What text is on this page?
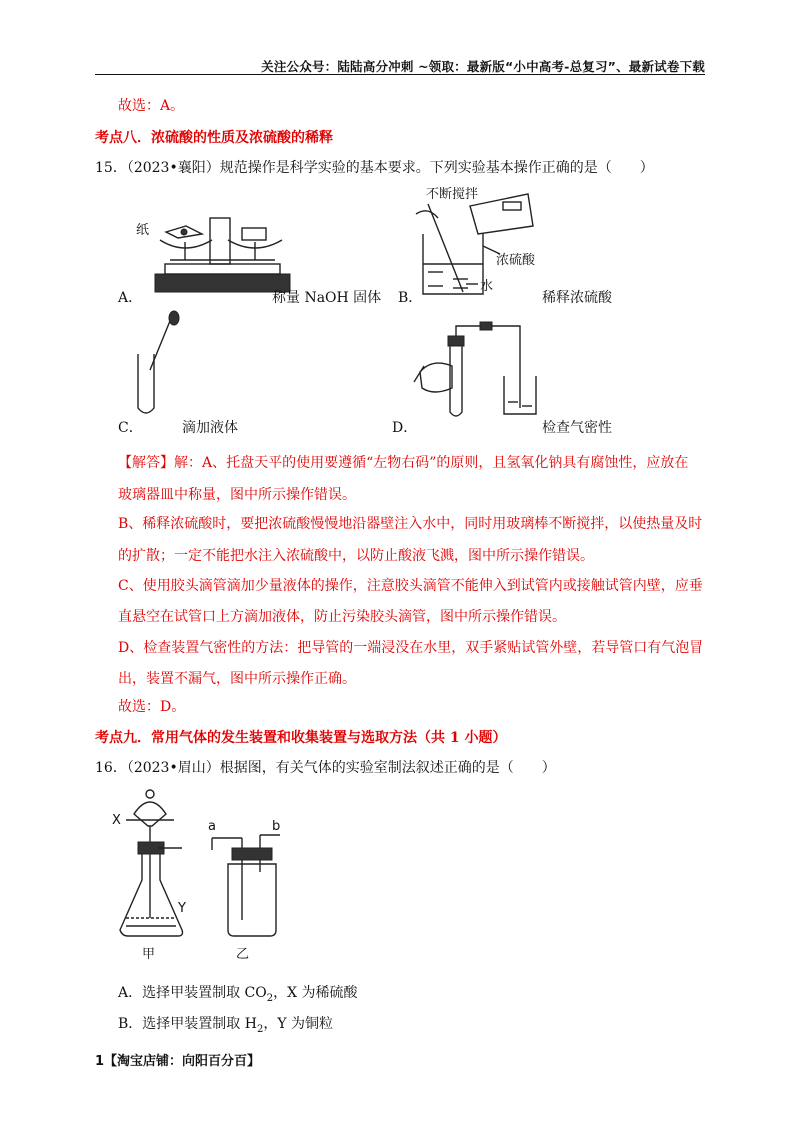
关注公众号：陆陆高分冲刺 ~领取：最新版“小中高考-总复习”、最新试卷下载
故选：A。
考点八．浓硫酸的性质及浓硫酸的稀释
15．（2023•襄阳）规范操作是科学实验的基本要求。下列实验基本操作正确的是（　　）
纸
A．	称量 NaOH 固体
不断搅拌
浓硫酸
水
B．	稀释浓硫酸
C．	滴加液体	D．	检查气密性
【解答】解：A、托盘天平的使用要遵循“左物右码”的原则，且氢氧化钠具有腐蚀性，应放在
玻璃器皿中称量，图中所示操作错误。
B、稀释浓硫酸时，要把浓硫酸慢慢地沿器壁注入水中，同时用玻璃棒不断搅拌，以使热量及时
的扩散；一定不能把水注入浓硫酸中，以防止酸液飞溅，图中所示操作错误。
C、使用胶头滴管滴加少量液体的操作，注意胶头滴管不能伸入到试管内或接触试管内壁，应垂
直悬空在试管口上方滴加液体，防止污染胶头滴管，图中所示操作错误。
D、检查装置气密性的方法：把导管的一端浸没在水里，双手紧贴试管外壁，若导管口有气泡冒
出，装置不漏气，图中所示操作正确。
故选：D。
考点九．常用气体的发生装置和收集装置与选取方法（共 1 小题）
16．（2023•眉山）根据图，有关气体的实验室制法叙述正确的是（　　）
X
Y
甲
a	b
乙
A．选择甲装置制取 $CO_2$，X 为稀硫酸
B．选择甲装置制取 $H_2$，Y 为铜粒
1【淘宝店铺：向阳百分百】
